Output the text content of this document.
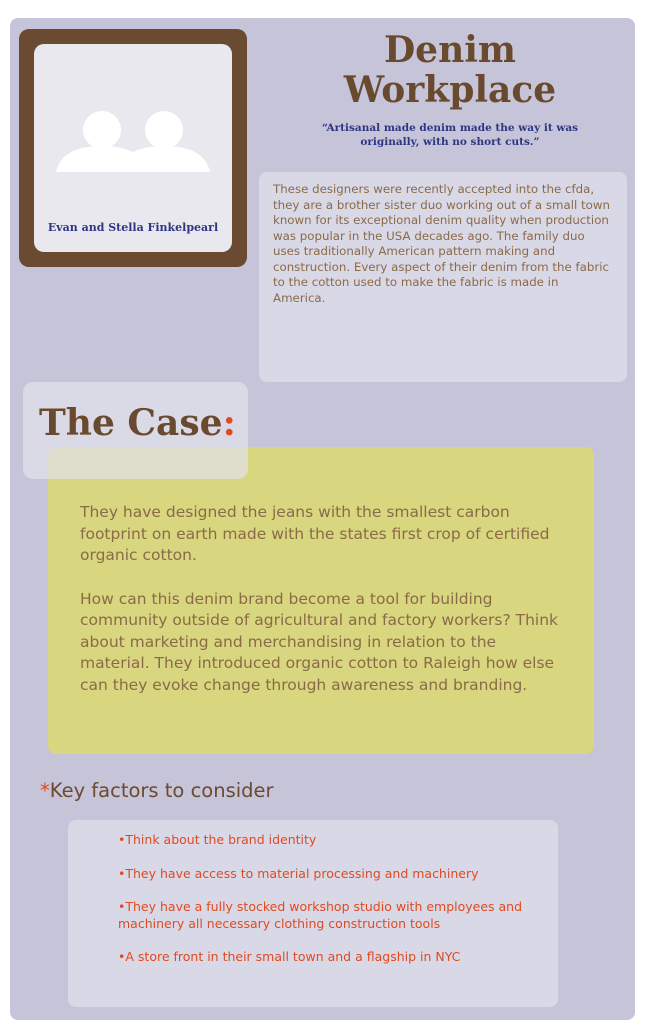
Evan and Stella Finkelpearl
Denim Workplace
“Artisanal made denim made the way it was originally, with no short cuts.”
These designers were recently accepted into the cfda, they are a brother sister duo working out of a small town known for its exceptional denim quality when production was popular in the USA decades ago. The family duo uses traditionally American pattern making and construction. Every aspect of their denim from the fabric to the cotton used to make the fabric is made in America.

They have designed the jeans with the smallest carbon footprint on earth made with the states first crop of certified organic cotton.

How can this denim brand become a tool for building community outside of agricultural and factory workers? Think about marketing and merchandising in relation to the material. They introduced organic cotton to Raleigh how else can they evoke change through awareness and branding.

The Case:
*Key factors to consider
•Think about the brand identity
•They have access to material processing and machinery
•They have a fully stocked workshop studio with employees and machinery all necessary clothing construction tools
•A store front in their small town and a flagship in NYC
